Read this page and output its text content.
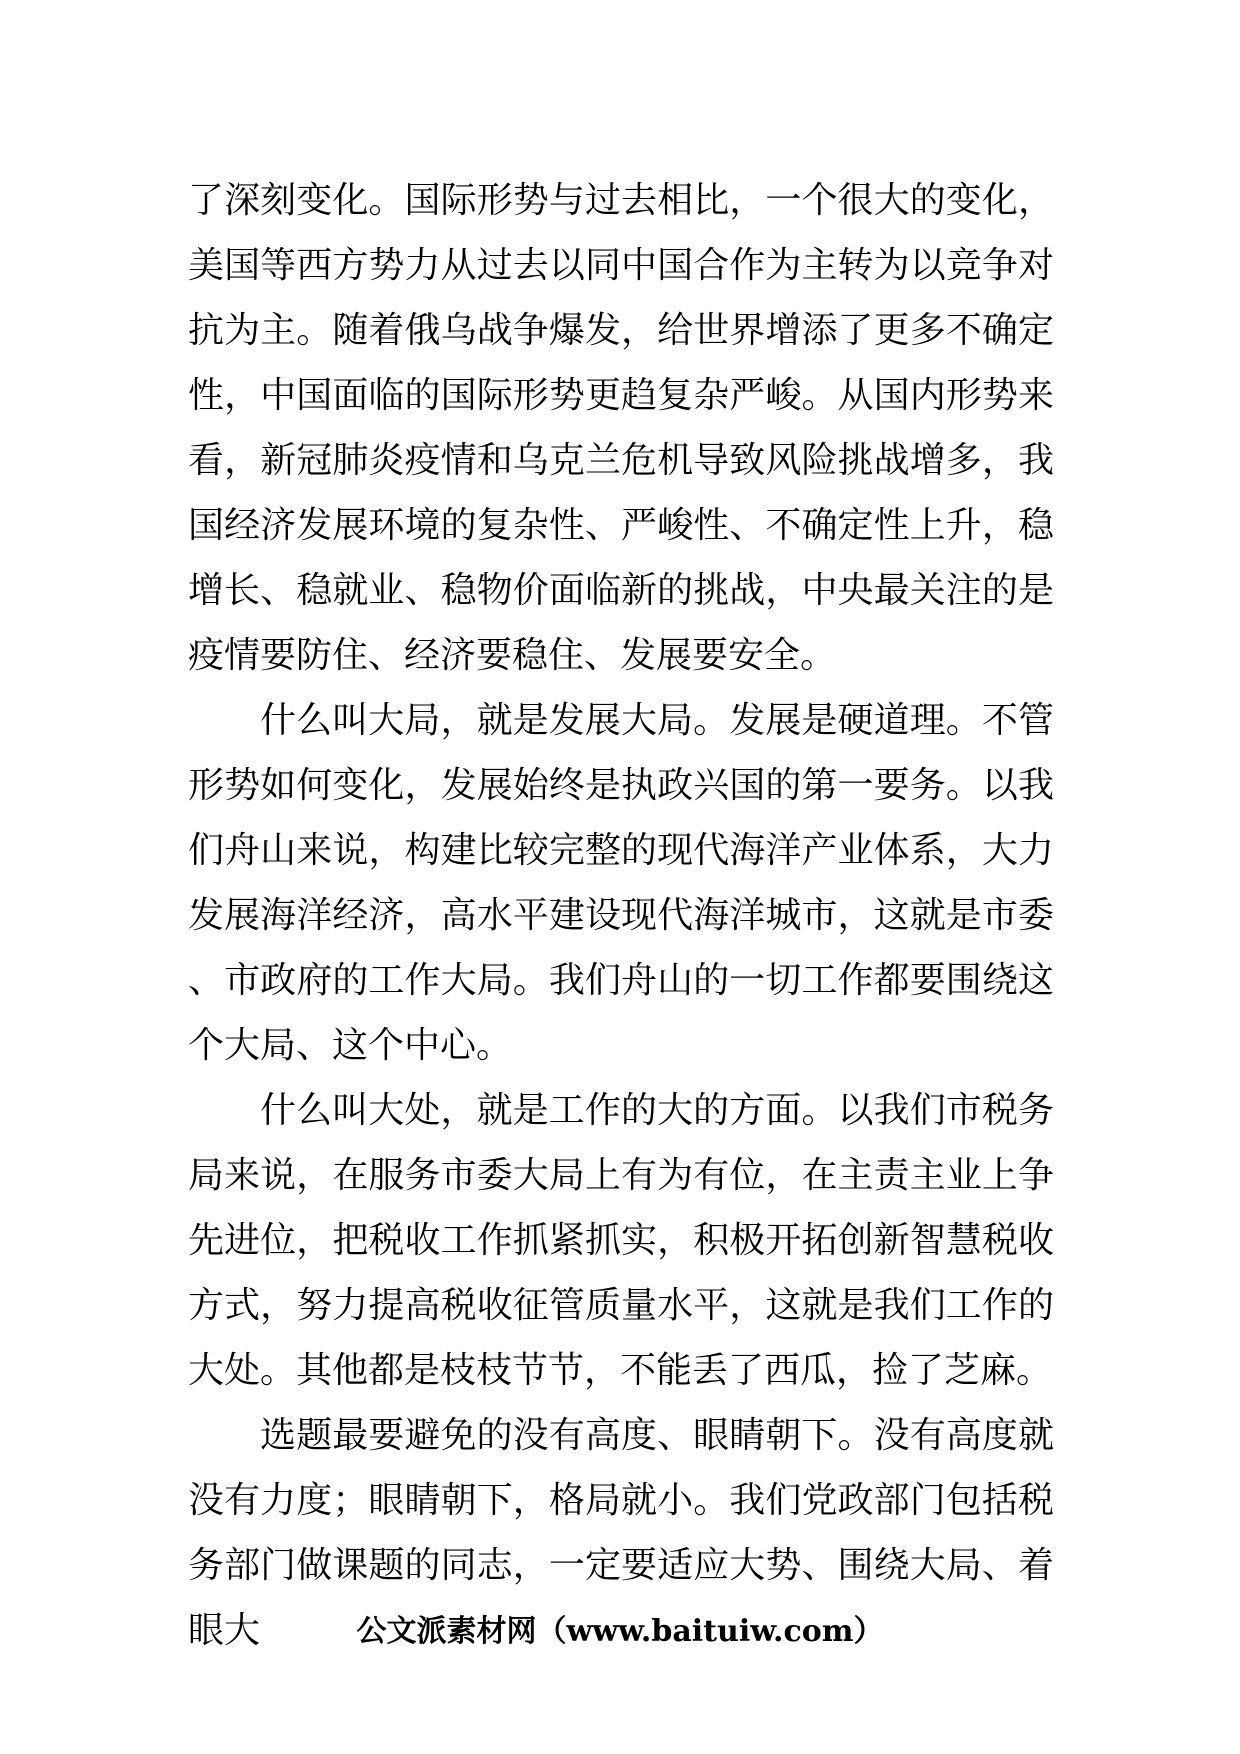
了深刻变化。国际形势与过去相比，一个很大的变化，美国等西方势力从过去以同中国合作为主转为以竞争对抗为主。随着俄乌战争爆发，给世界增添了更多不确定性，中国面临的国际形势更趋复杂严峻。从国内形势来看，新冠肺炎疫情和乌克兰危机导致风险挑战增多，我国经济发展环境的复杂性、严峻性、不确定性上升，稳增长、稳就业、稳物价面临新的挑战，中央最关注的是疫情要防住、经济要稳住、发展要安全。

什么叫大局，就是发展大局。发展是硬道理。不管形势如何变化，发展始终是执政兴国的第一要务。以我们舟山来说，构建比较完整的现代海洋产业体系，大力发展海洋经济，高水平建设现代海洋城市，这就是市委、市政府的工作大局。我们舟山的一切工作都要围绕这个大局、这个中心。

什么叫大处，就是工作的大的方面。以我们市税务局来说，在服务市委大局上有为有位，在主责主业上争先进位，把税收工作抓紧抓实，积极开拓创新智慧税收方式，努力提高税收征管质量水平，这就是我们工作的大处。其他都是枝枝节节，不能丢了西瓜，捡了芝麻。

选题最要避免的没有高度、眼睛朝下。没有高度就没有力度；眼睛朝下，格局就小。我们党政部门包括税务部门做课题的同志，一定要适应大势、围绕大局、着眼大	公文派素材网（www.baituiw.com）
